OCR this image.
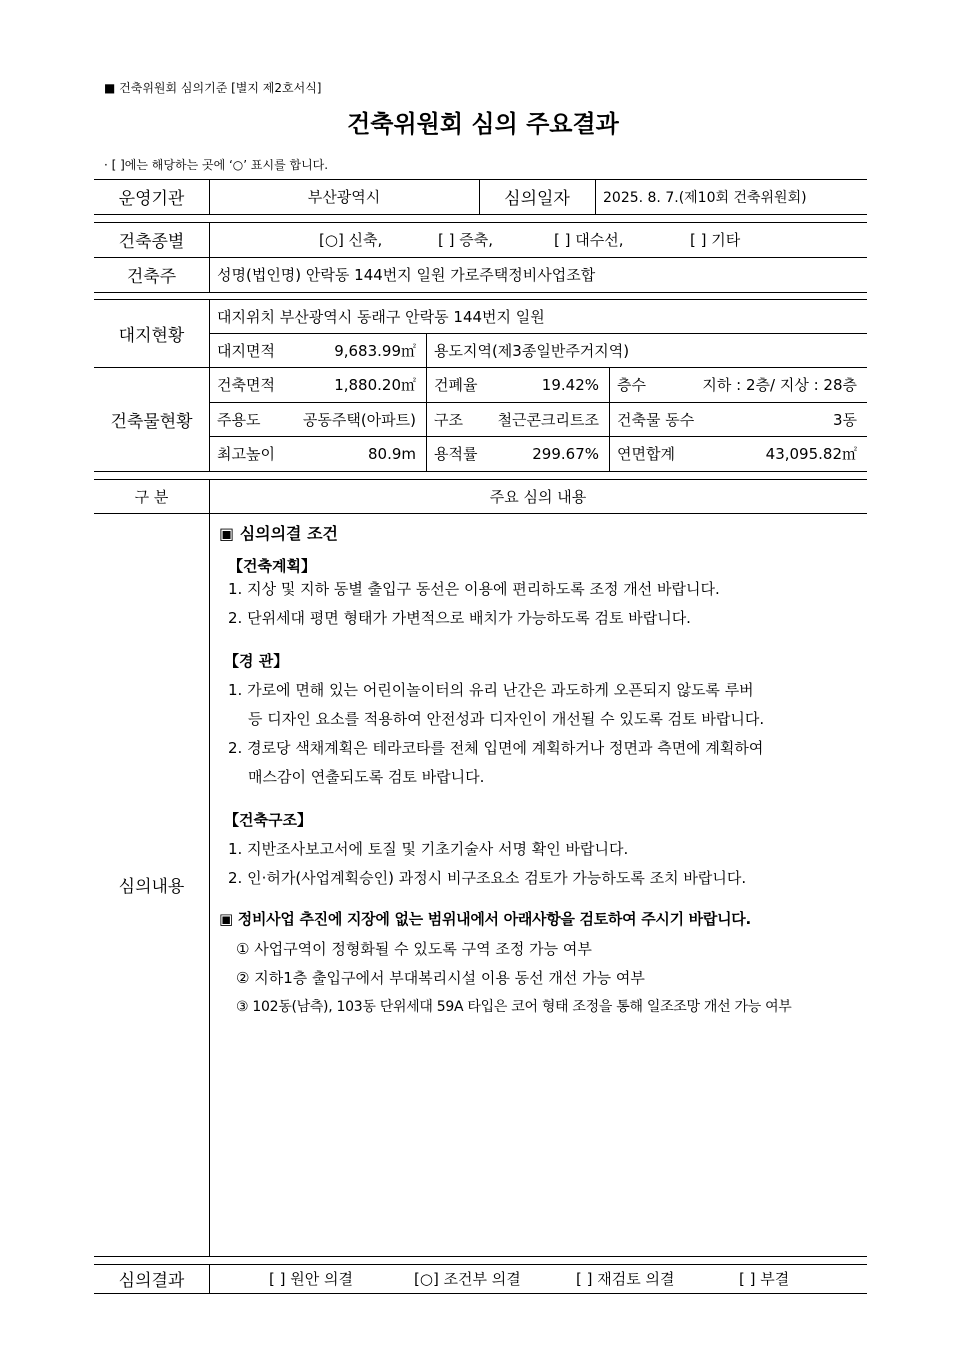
■ 건축위원회 심의기준 [별지 제2호서식]
건축위원회 심의 주요결과
· [ ]에는 해당하는 곳에 ‘○’ 표시를 합니다.
운영기관	부산광역시	심의일자	2025. 8. 7.(제10회 건축위원회)
건축종별	[○] 신축,	[ ] 증축,	[ ] 대수선,	[ ] 기타
건축주	성명(법인명) 안락동 144번지 일원 가로주택정비사업조합
대지현황
대지위치 부산광역시 동래구 안락동 144번지 일원
대지면적	9,683.99㎡	용도지역(제3종일반주거지역)
건축물현황
건축면적	1,880.20㎡ 건폐율	19.42% 층수	지하 : 2층/ 지상 : 28층
주용도	공동주택(아파트) 구조 철근콘크리트조 건축물 동수	3동
최고높이	80.9m 용적률	299.67% 연면합계	43,095.82㎡
구 분	주요 심의 내용
심의내용
▣ 심의의결 조건
【건축계획】
1. 지상 및 지하 동별 출입구 동선은 이용에 편리하도록 조정 개선 바랍니다.
2. 단위세대 평면 형태가 가변적으로 배치가 가능하도록 검토 바랍니다.
【경 관】
1. 가로에 면해 있는 어린이놀이터의 유리 난간은 과도하게 오픈되지 않도록 루버
등 디자인 요소를 적용하여 안전성과 디자인이 개선될 수 있도록 검토 바랍니다.
2. 경로당 색채계획은 테라코타를 전체 입면에 계획하거나 정면과 측면에 계획하여
매스감이 연출되도록 검토 바랍니다.
【건축구조】
1. 지반조사보고서에 토질 및 기초기술사 서명 확인 바랍니다.
2. 인·허가(사업계획승인) 과정시 비구조요소 검토가 가능하도록 조치 바랍니다.
▣ 정비사업 추진에 지장에 없는 범위내에서 아래사항을 검토하여 주시기 바랍니다.
① 사업구역이 정형화될 수 있도록 구역 조정 가능 여부
② 지하1층 출입구에서 부대복리시설 이용 동선 개선 가능 여부
③ 102동(남측), 103동 단위세대 59A 타입은 코어 형태 조정을 통해 일조조망 개선 가능 여부
심의결과	[ ] 원안 의결	[○] 조건부 의결	[ ] 재검토 의결	[ ] 부결
